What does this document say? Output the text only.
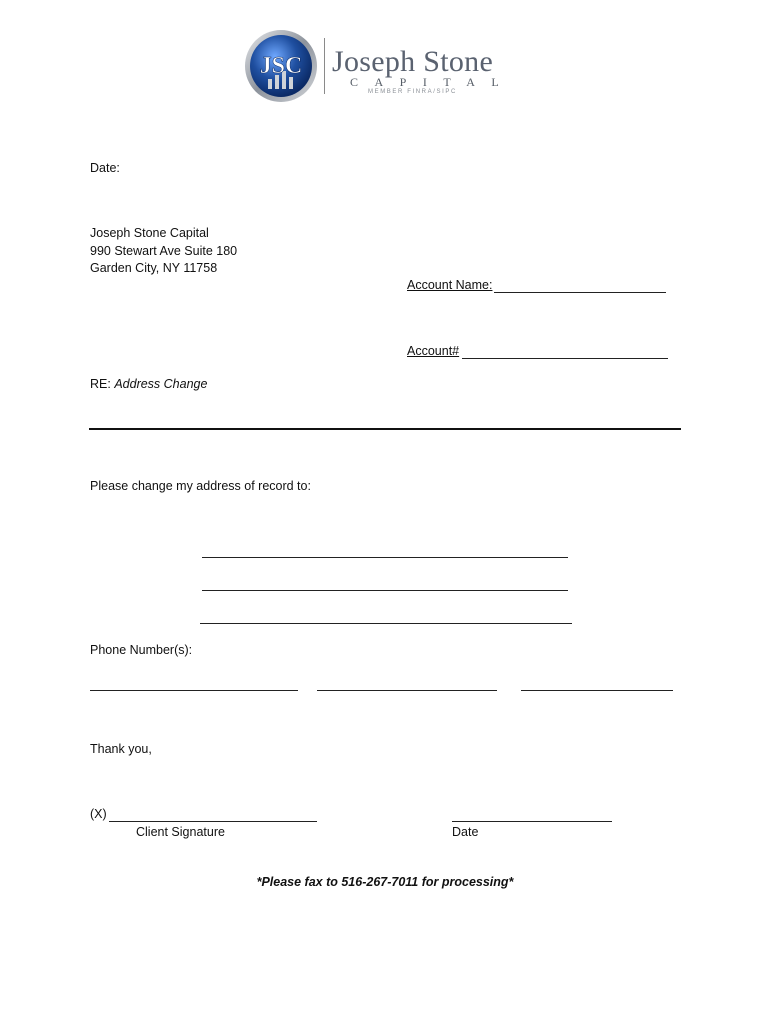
JSC Joseph Stone
CAPITAL
MEMBER FINRA/SIPC
Date:
Joseph Stone Capital
990 Stewart Ave Suite 180
Garden City, NY 11758
Account Name:
Account#
RE: Address Change
Please change my address of record to:
Phone Number(s):
Thank you,
(X)
Client Signature	Date
*Please fax to 516-267-7011 for processing*
